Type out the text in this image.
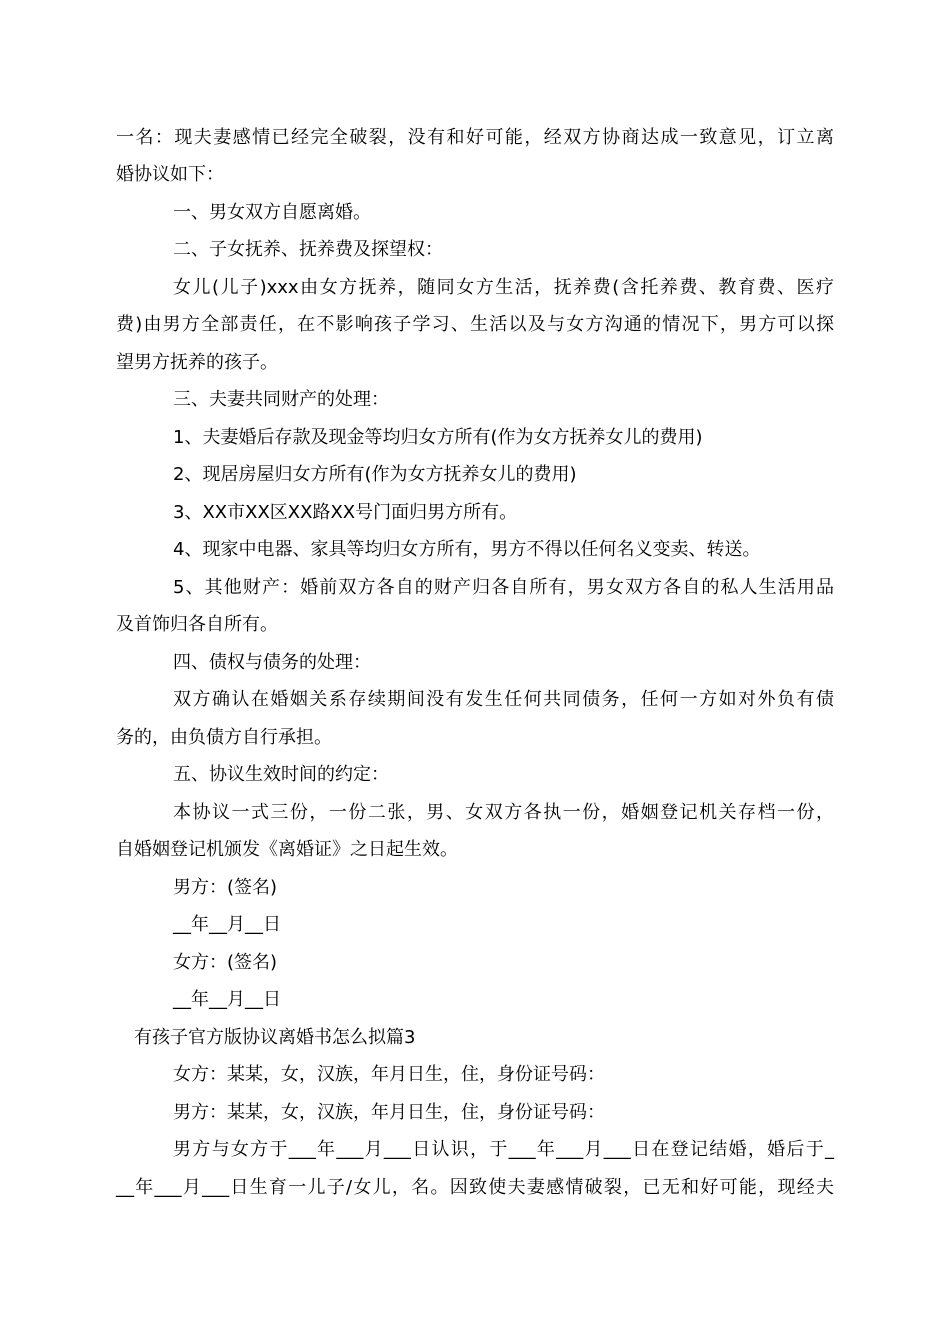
一名：现夫妻感情已经完全破裂，没有和好可能，经双方协商达成一致意见，订立离
婚协议如下：
一、男女双方自愿离婚。
二、子女抚养、抚养费及探望权：
女儿(儿子)xxx由女方抚养，随同女方生活，抚养费(含托养费、教育费、医疗
费)由男方全部责任，在不影响孩子学习、生活以及与女方沟通的情况下，男方可以探
望男方抚养的孩子。
三、夫妻共同财产的处理：
1、夫妻婚后存款及现金等均归女方所有(作为女方抚养女儿的费用)
2、现居房屋归女方所有(作为女方抚养女儿的费用)
3、XX市XX区XX路XX号门面归男方所有。
4、现家中电器、家具等均归女方所有，男方不得以任何名义变卖、转送。
5、其他财产：婚前双方各自的财产归各自所有，男女双方各自的私人生活用品
及首饰归各自所有。
四、债权与债务的处理：
双方确认在婚姻关系存续期间没有发生任何共同债务，任何一方如对外负有债
务的，由负债方自行承担。
五、协议生效时间的约定：
本协议一式三份，一份二张，男、女双方各执一份，婚姻登记机关存档一份，
自婚姻登记机颁发《离婚证》之日起生效。
男方：(签名)
__年__月__日
女方：(签名)
__年__月__日
有孩子官方版协议离婚书怎么拟篇3
女方：某某，女，汉族，年月日生，住，身份证号码：
男方：某某，女，汉族，年月日生，住，身份证号码：
男方与女方于___年___月___日认识，于___年___月___日在登记结婚，婚后于_
__年___月___日生育一儿子/女儿，名。因致使夫妻感情破裂，已无和好可能，现经夫
